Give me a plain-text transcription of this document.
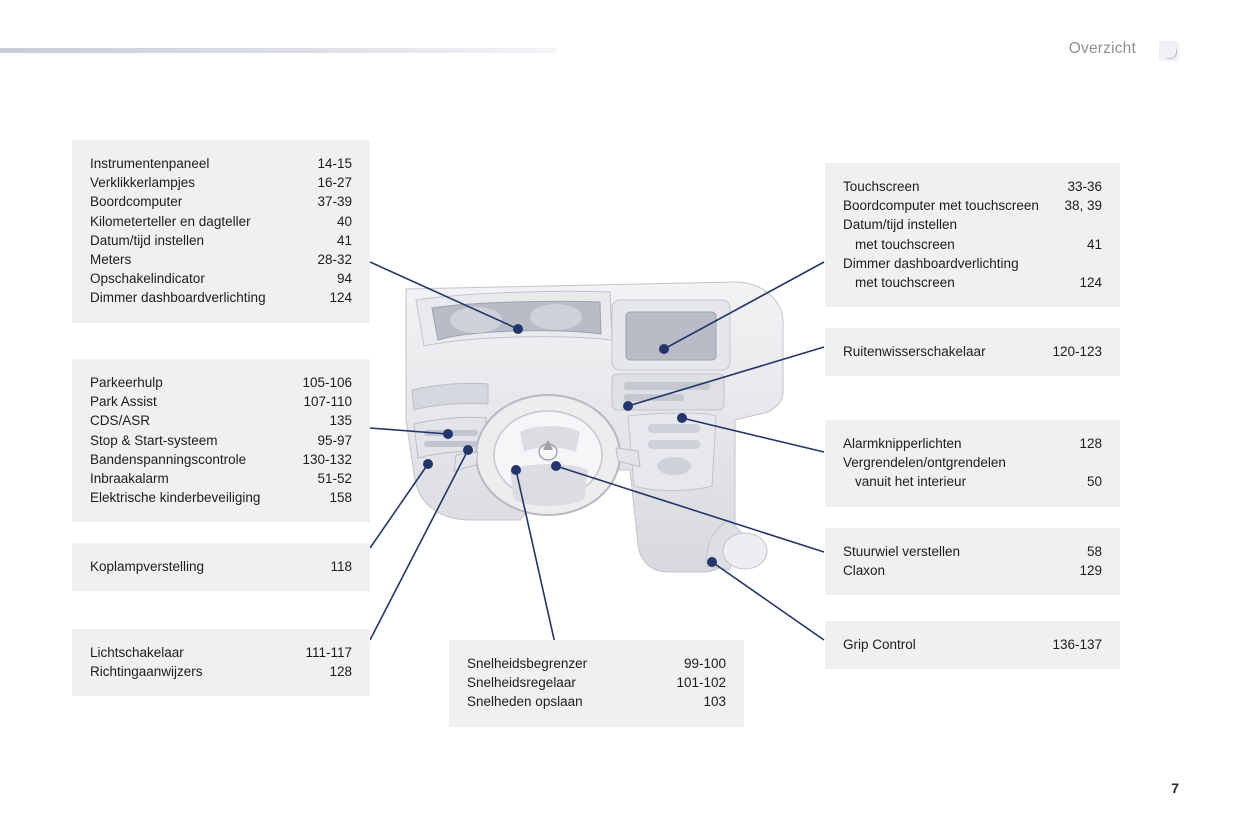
Overzicht
7
Instrumentenpaneel	14-15
Verklikkerlampjes	16-27
Boordcomputer	37-39
Kilometerteller en dagteller	40
Datum/tijd instellen	41
Meters	28-32
Opschakelindicator	94
Dimmer dashboardverlichting	124
Parkeerhulp	105-106
Park Assist	107-110
CDS/ASR	135
Stop & Start-systeem	95-97
Bandenspanningscontrole	130-132
Inbraakalarm	51-52
Elektrische kinderbeveiliging	158
Koplampverstelling	118
Lichtschakelaar	111-117
Richtingaanwijzers	128
Snelheidsbegrenzer	99-100
Snelheidsregelaar	101-102
Snelheden opslaan	103
Touchscreen	33-36
Boordcomputer met touchscreen	38, 39
Datum/tijd instellen
met touchscreen	41
Dimmer dashboardverlichting
met touchscreen	124
Ruitenwisserschakelaar	120-123
Alarmknipperlichten	128
Vergrendelen/ontgrendelen
vanuit het interieur	50
Stuurwiel verstellen	58
Claxon	129
Grip Control	136-137
